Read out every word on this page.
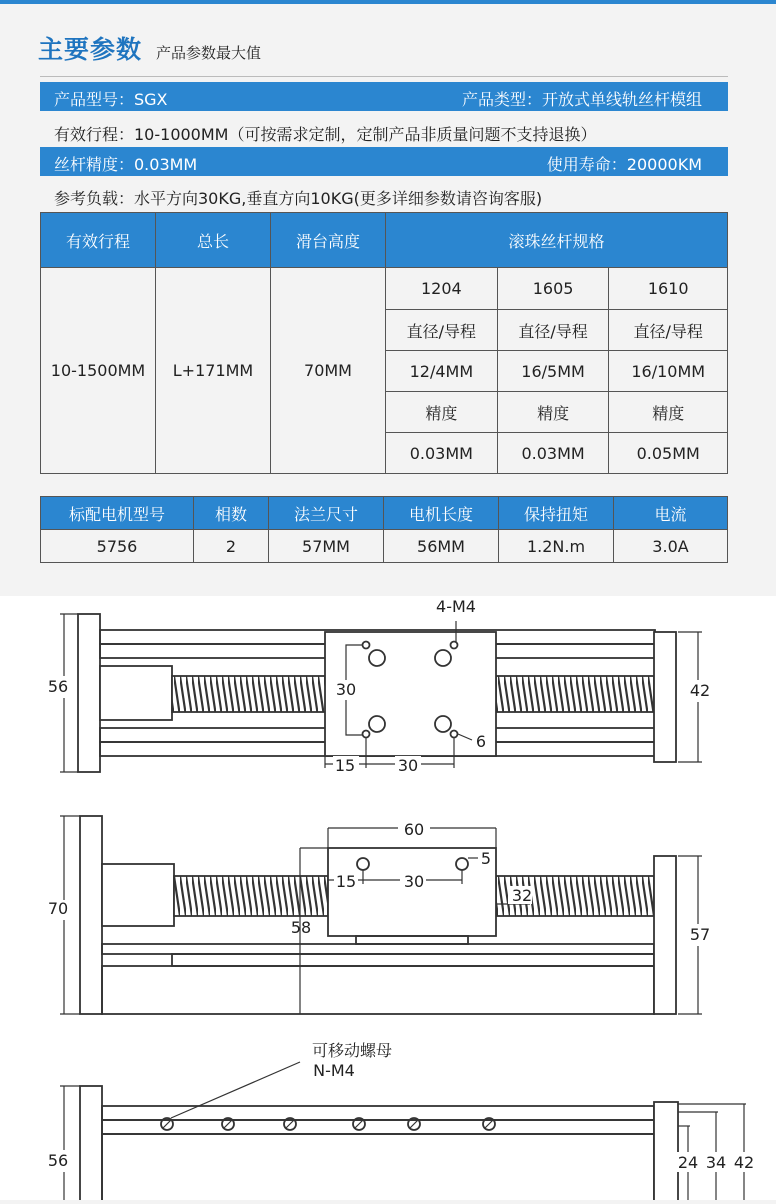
主要参数 产品参数最大值
产品型号：SGX	产品类型：开放式单线轨丝杆模组
有效行程：10-1000MM（可按需求定制，定制产品非质量问题不支持退换）
丝杆精度：0.03MM	使用寿命：20000KM
参考负载：水平方向30KG,垂直方向10KG(更多详细参数请咨询客服)
有效行程	总长	滑台高度	滚珠丝杆规格		
10-1500MM	L+171MM	70MM	1204	1605	1610
			直径/导程	直径/导程	直径/导程
			12/4MM	16/5MM	16/10MM
			精度	精度	精度
			0.03MM	0.03MM	0.05MM
标配电机型号	相数	法兰尺寸	电机长度	保持扭矩	电流
5756	2	57MM	56MM	1.2N.m	3.0A
56
4-M4
30	42
15	30
6
60
70
15	30
5
32
58	57
可移动螺母
N-M4
56	24 34 42
